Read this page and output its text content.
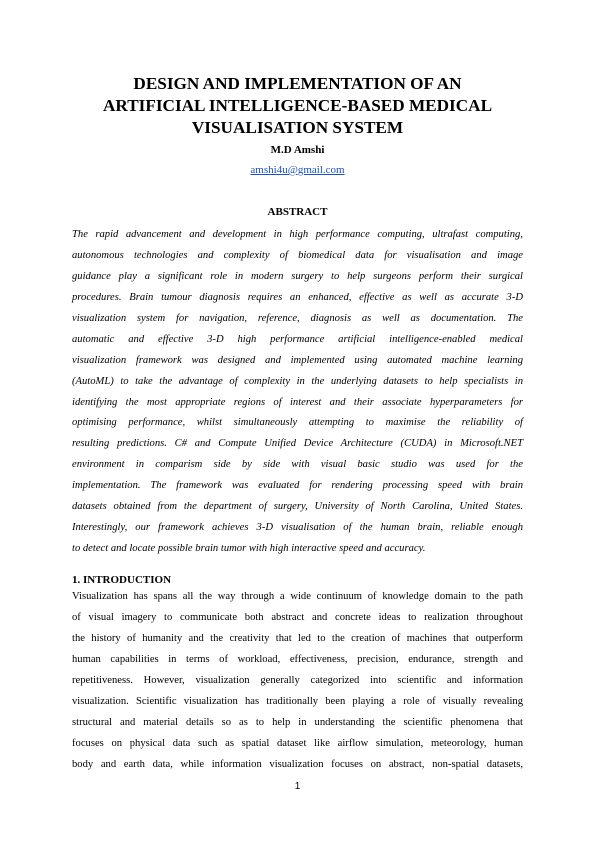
DESIGN AND IMPLEMENTATION OF AN
ARTIFICIAL INTELLIGENCE-BASED MEDICAL
VISUALISATION SYSTEM
M.D Amshi
amshi4u@gmail.com
ABSTRACT
The rapid advancement and development in high performance computing, ultrafast computing,
autonomous technologies and complexity of biomedical data for visualisation and image
guidance play a significant role in modern surgery to help surgeons perform their surgical
procedures. Brain tumour diagnosis requires an enhanced, effective as well as accurate 3-D
visualization system for navigation, reference, diagnosis as well as documentation. The
automatic and effective 3-D high performance artificial intelligence-enabled medical
visualization framework was designed and implemented using automated machine learning
(AutoML) to take the advantage of complexity in the underlying datasets to help specialists in
identifying the most appropriate regions of interest and their associate hyperparameters for
optimising performance, whilst simultaneously attempting to maximise the reliability of
resulting predictions. C# and Compute Unified Device Architecture (CUDA) in Microsoft.NET
environment in comparism side by side with visual basic studio was used for the
implementation. The framework was evaluated for rendering processing speed with brain
datasets obtained from the department of surgery, University of North Carolina, United States.
Interestingly, our framework achieves 3-D visualisation of the human brain, reliable enough
to detect and locate possible brain tumor with high interactive speed and accuracy.
1. INTRODUCTION
Visualization has spans all the way through a wide continuum of knowledge domain to the path
of visual imagery to communicate both abstract and concrete ideas to realization throughout
the history of humanity and the creativity that led to the creation of machines that outperform
human capabilities in terms of workload, effectiveness, precision, endurance, strength and
repetitiveness. However, visualization generally categorized into scientific and information
visualization. Scientific visualization has traditionally been playing a role of visually revealing
structural and material details so as to help in understanding the scientific phenomena that
focuses on physical data such as spatial dataset like airflow simulation, meteorology, human
body and earth data, while information visualization focuses on abstract, non-spatial datasets,
1
